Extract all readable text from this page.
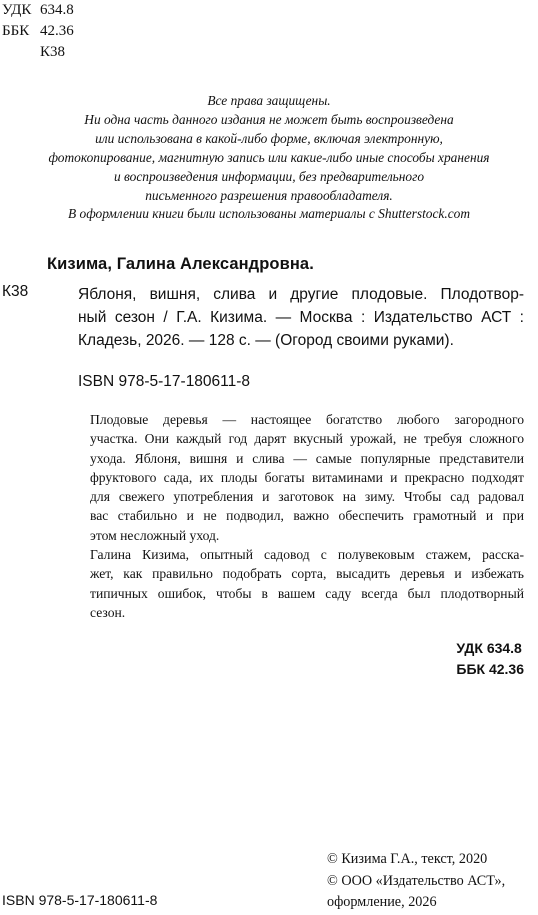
УДК 634.8
ББК 42.36
К38
Все права защищены.
Ни одна часть данного издания не может быть воспроизведена
или использована в какой-либо форме, включая электронную,
фотокопирование, магнитную запись или какие-либо иные способы хранения
и воспроизведения информации, без предварительного
письменного разрешения правообладателя.
В оформлении книги были использованы материалы с Shutterstock.com
Кизима, Галина Александровна.
К38	Яблоня, вишня, слива и другие плодовые. Плодотвор-
ный сезон / Г.А. Кизима. — Москва : Издательство АСТ :
Кладезь, 2026. — 128 с. — (Огород своими руками).
ISBN 978-5-17-180611-8
Плодовые деревья — настоящее богатство любого загородного
участка. Они каждый год дарят вкусный урожай, не требуя сложного
ухода. Яблоня, вишня и слива — самые популярные представители
фруктового сада, их плоды богаты витаминами и прекрасно подходят
для свежего употребления и заготовок на зиму. Чтобы сад радовал
вас стабильно и не подводил, важно обеспечить грамотный и при
этом несложный уход.
Галина Кизима, опытный садовод с полувековым стажем, расска-
жет, как правильно подобрать сорта, высадить деревья и избежать
типичных ошибок, чтобы в вашем саду всегда был плодотворный
сезон.
УДК 634.8
ББК 42.36
© Кизима Г.А., текст, 2020
© ООО «Издательство АСТ»,
оформление, 2026
ISBN 978-5-17-180611-8
